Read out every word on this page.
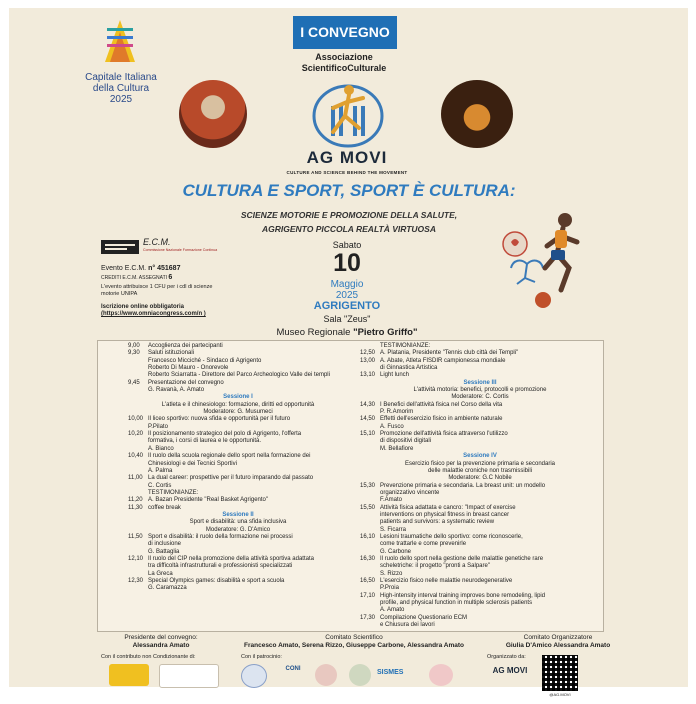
Capitale Italiana
della Cultura
2025
I CONVEGNO
Associazione
ScientificoCulturale
AG MOVI
CULTURE AND SCIENCE BEHIND THE MOVEMENT
CULTURA E SPORT, SPORT È CULTURA:
SCIENZE MOTORIE E PROMOZIONE DELLA SALUTE,
AGRIGENTO PICCOLA REALTÀ VIRTUOSA
E.C.M.
Commissione Nazionale Formazione Continua
Evento E.C.M. n° 451687
CREDITI E.C.M. ASSEGNATI 6
L'evento attribuisce 1 CFU per i cdl di scienze motorie UNIPA
Iscrizione online obbligatoria
(https://www.omniacongress.com/n )
Sabato
10
Maggio
2025
AGRIGENTO
Sala "Zeus"
Museo Regionale "Pietro Griffo"
9,00	Accoglienza dei partecipanti
9,30	Saluti istituzionali
Francesco Micciché - Sindaco di Agrigento
Roberto Di Mauro - Onorevole
Roberto Sciarratta - Direttore del Parco Archeologico Valle dei templi
9,45	Presentazione del convegno
G. Ravanà, A. Amato
Sessione I
L'atleta e il chinesiologo: formazione, diritti ed opportunità
Moderatore: G. Musumeci
10,00 Il liceo sportivo: nuova sfida e opportunità per il futuro
P.Pilato
10,20 Il posizionamento strategico del polo di Agrigento, l'offerta
formativa, i corsi di laurea e le opportunità.
A. Bianco
10,40 Il ruolo della scuola regionale dello sport nella formazione dei
Chinesiologi e dei Tecnici Sportivi
A. Palma
11,00 La dual career: prospettive per il futuro imparando dal passato
C. Cortis
TESTIMONIANZE:
11,20 A. Bazan Presidente "Real Basket Agrigento"
11,30 coffee break
Sessione II
Sport e disabilità: una sfida inclusiva
Moderatore: G. D'Amico
11,50 Sport e disabilità: il ruolo della formazione nei processi
di inclusione
G. Battaglia
12,10 Il ruolo del CIP nella promozione della attività sportiva adattata
tra difficoltà infrastrutturali e professionisti specializzati
La Greca
12,30 Special Olympics games: disabilità e sport a scuola
G. Caramazza
TESTIMONIANZE:
12,50 A. Platania, Presidente "Tennis club città dei Templi"
13,00 A. Abate, Atleta FISDIR campionessa mondiale
di Ginnastica Artistica
13,10 Light lunch
Sessione III
L'attività motoria: benefici, protocolli e promozione
Moderatore: C. Cortis
14,30 I Benefici dell'attività fisica nel Corso della vita
P. R.Amorim
14,50 Effetti dell'esercizio fisico in ambiente naturale
A. Fusco
15,10 Promozione dell'attività fisica attraverso l'utilizzo
di dispositivi digitali
M. Bellafiore
Sessione IV
Esercizio fisico per la prevenzione primaria e secondaria
delle malattie croniche non trasmissibili
Moderatore: G.C Nobile
15,30 Prevenzione primaria e secondaria. La breast unit: un modello
organizzativo vincente
F.Amato
15,50 Attività fisica adattata e cancro: "Impact of exercise
interventions on physical fitness in breast cancer
patients and survivors: a systematic review
S. Ficarra
16,10 Lesioni traumatiche dello sportivo: come riconoscerle,
come trattarle e come prevenirle
G. Carbone
16,30 Il ruolo dello sport nella gestione delle malattie genetiche rare
scheletriche: il progetto "pronti a Salpare"
S. Rizzo
16,50 L'esercizio fisico nelle malattie neurodegenerative
P.Proia
17,10 High-intensity interval training improves bone remodeling, lipid
profile, and physical function in multiple sclerosis patients
A. Amato
17,30 Compilazione Questionario ECM
e Chiusura dei lavori
Presidente del convegno:
Alessandra Amato
Comitato Scientifico
Francesco Amato, Serena Rizzo, Giuseppe Carbone, Alessandra Amato
Comitato Organizzatore
Giulia D'Amico Alessandra Amato
Con il contributo non Condizionante di:	Con il patrocinio:	Organizzato da:
CONI	SISMES	AG MOVI
@AG.MOVI
